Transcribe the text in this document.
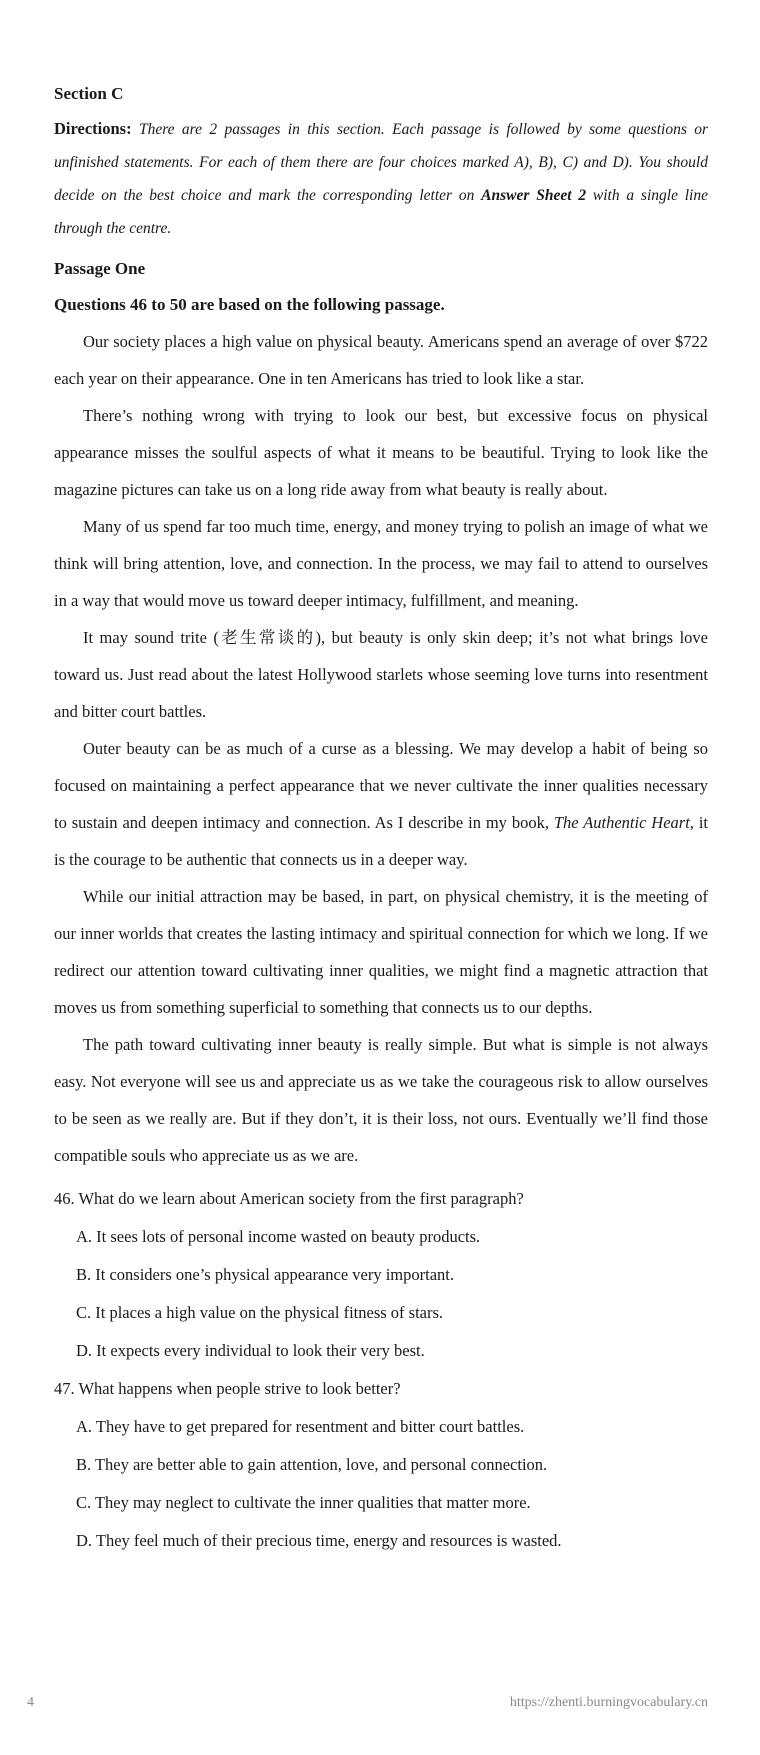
Section C
Directions: There are 2 passages in this section. Each passage is followed by some questions or unfinished statements. For each of them there are four choices marked A), B), C) and D). You should decide on the best choice and mark the corresponding letter on Answer Sheet 2 with a single line through the centre.
Passage One
Questions 46 to 50 are based on the following passage.

Our society places a high value on physical beauty. Americans spend an average of over $722 each year on their appearance. One in ten Americans has tried to look like a star.

There’s nothing wrong with trying to look our best, but excessive focus on physical appearance misses the soulful aspects of what it means to be beautiful. Trying to look like the magazine pictures can take us on a long ride away from what beauty is really about.

Many of us spend far too much time, energy, and money trying to polish an image of what we think will bring attention, love, and connection. In the process, we may fail to attend to ourselves in a way that would move us toward deeper intimacy, fulfillment, and meaning.

It may sound trite (老生常谈的), but beauty is only skin deep; it’s not what brings love toward us. Just read about the latest Hollywood starlets whose seeming love turns into resentment and bitter court battles.

Outer beauty can be as much of a curse as a blessing. We may develop a habit of being so focused on maintaining a perfect appearance that we never cultivate the inner qualities necessary to sustain and deepen intimacy and connection. As I describe in my book, The Authentic Heart, it is the courage to be authentic that connects us in a deeper way.

While our initial attraction may be based, in part, on physical chemistry, it is the meeting of our inner worlds that creates the lasting intimacy and spiritual connection for which we long. If we redirect our attention toward cultivating inner qualities, we might find a magnetic attraction that moves us from something superficial to something that connects us to our depths.

The path toward cultivating inner beauty is really simple. But what is simple is not always easy. Not everyone will see us and appreciate us as we take the courageous risk to allow ourselves to be seen as we really are. But if they don’t, it is their loss, not ours. Eventually we’ll find those compatible souls who appreciate us as we are.

46. What do we learn about American society from the first paragraph?
A. It sees lots of personal income wasted on beauty products.
B. It considers one’s physical appearance very important.
C. It places a high value on the physical fitness of stars.
D. It expects every individual to look their very best.
47. What happens when people strive to look better?
A. They have to get prepared for resentment and bitter court battles.
B. They are better able to gain attention, love, and personal connection.
C. They may neglect to cultivate the inner qualities that matter more.
D. They feel much of their precious time, energy and resources is wasted.
4	https://zhenti.burningvocabulary.cn
